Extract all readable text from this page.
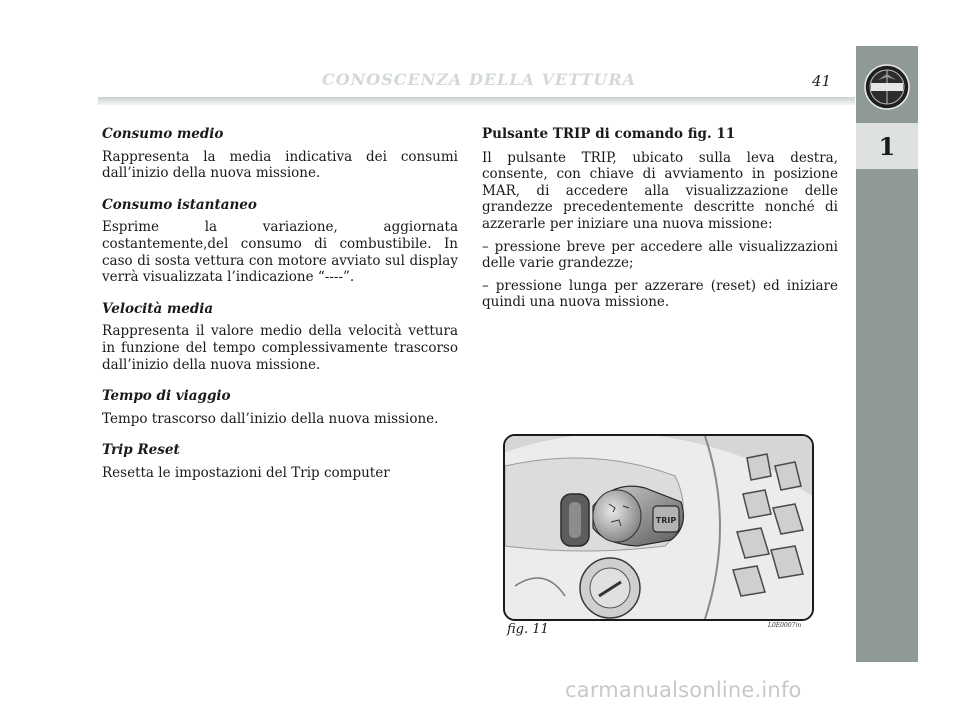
CONOSCENZA DELLA VETTURA	41
1

Consumo medio

Rappresenta la media indicativa dei consumi dall’inizio della nuova missione.

Consumo istantaneo

Esprime la variazione, aggiornata costantemente,del consumo di combustibile. In caso di sosta vettura con motore avviato sul display verrà visualizzata l’indicazione “----”.

Velocità media

Rappresenta il valore medio della velocità vettura in funzione del tempo complessivamente trascorso dall’inizio della nuova missione.

Tempo di viaggio

Tempo trascorso dall’inizio della nuova missione.

Trip Reset

Resetta le impostazioni del Trip computer

Pulsante TRIP di comando fig. 11

Il pulsante TRIP, ubicato sulla leva destra, consente, con chiave di avviamento in posizione MAR, di accedere alla visualizzazione delle grandezze precedentemente descritte nonché di azzerarle per iniziare una nuova missione:

– pressione breve per accedere alle visualizzazioni delle varie grandezze;

– pressione lunga per azzerare (reset) ed iniziare quindi una nuova missione.

TRIP
fig. 11	L0E0007m
carmanualsonline.info
